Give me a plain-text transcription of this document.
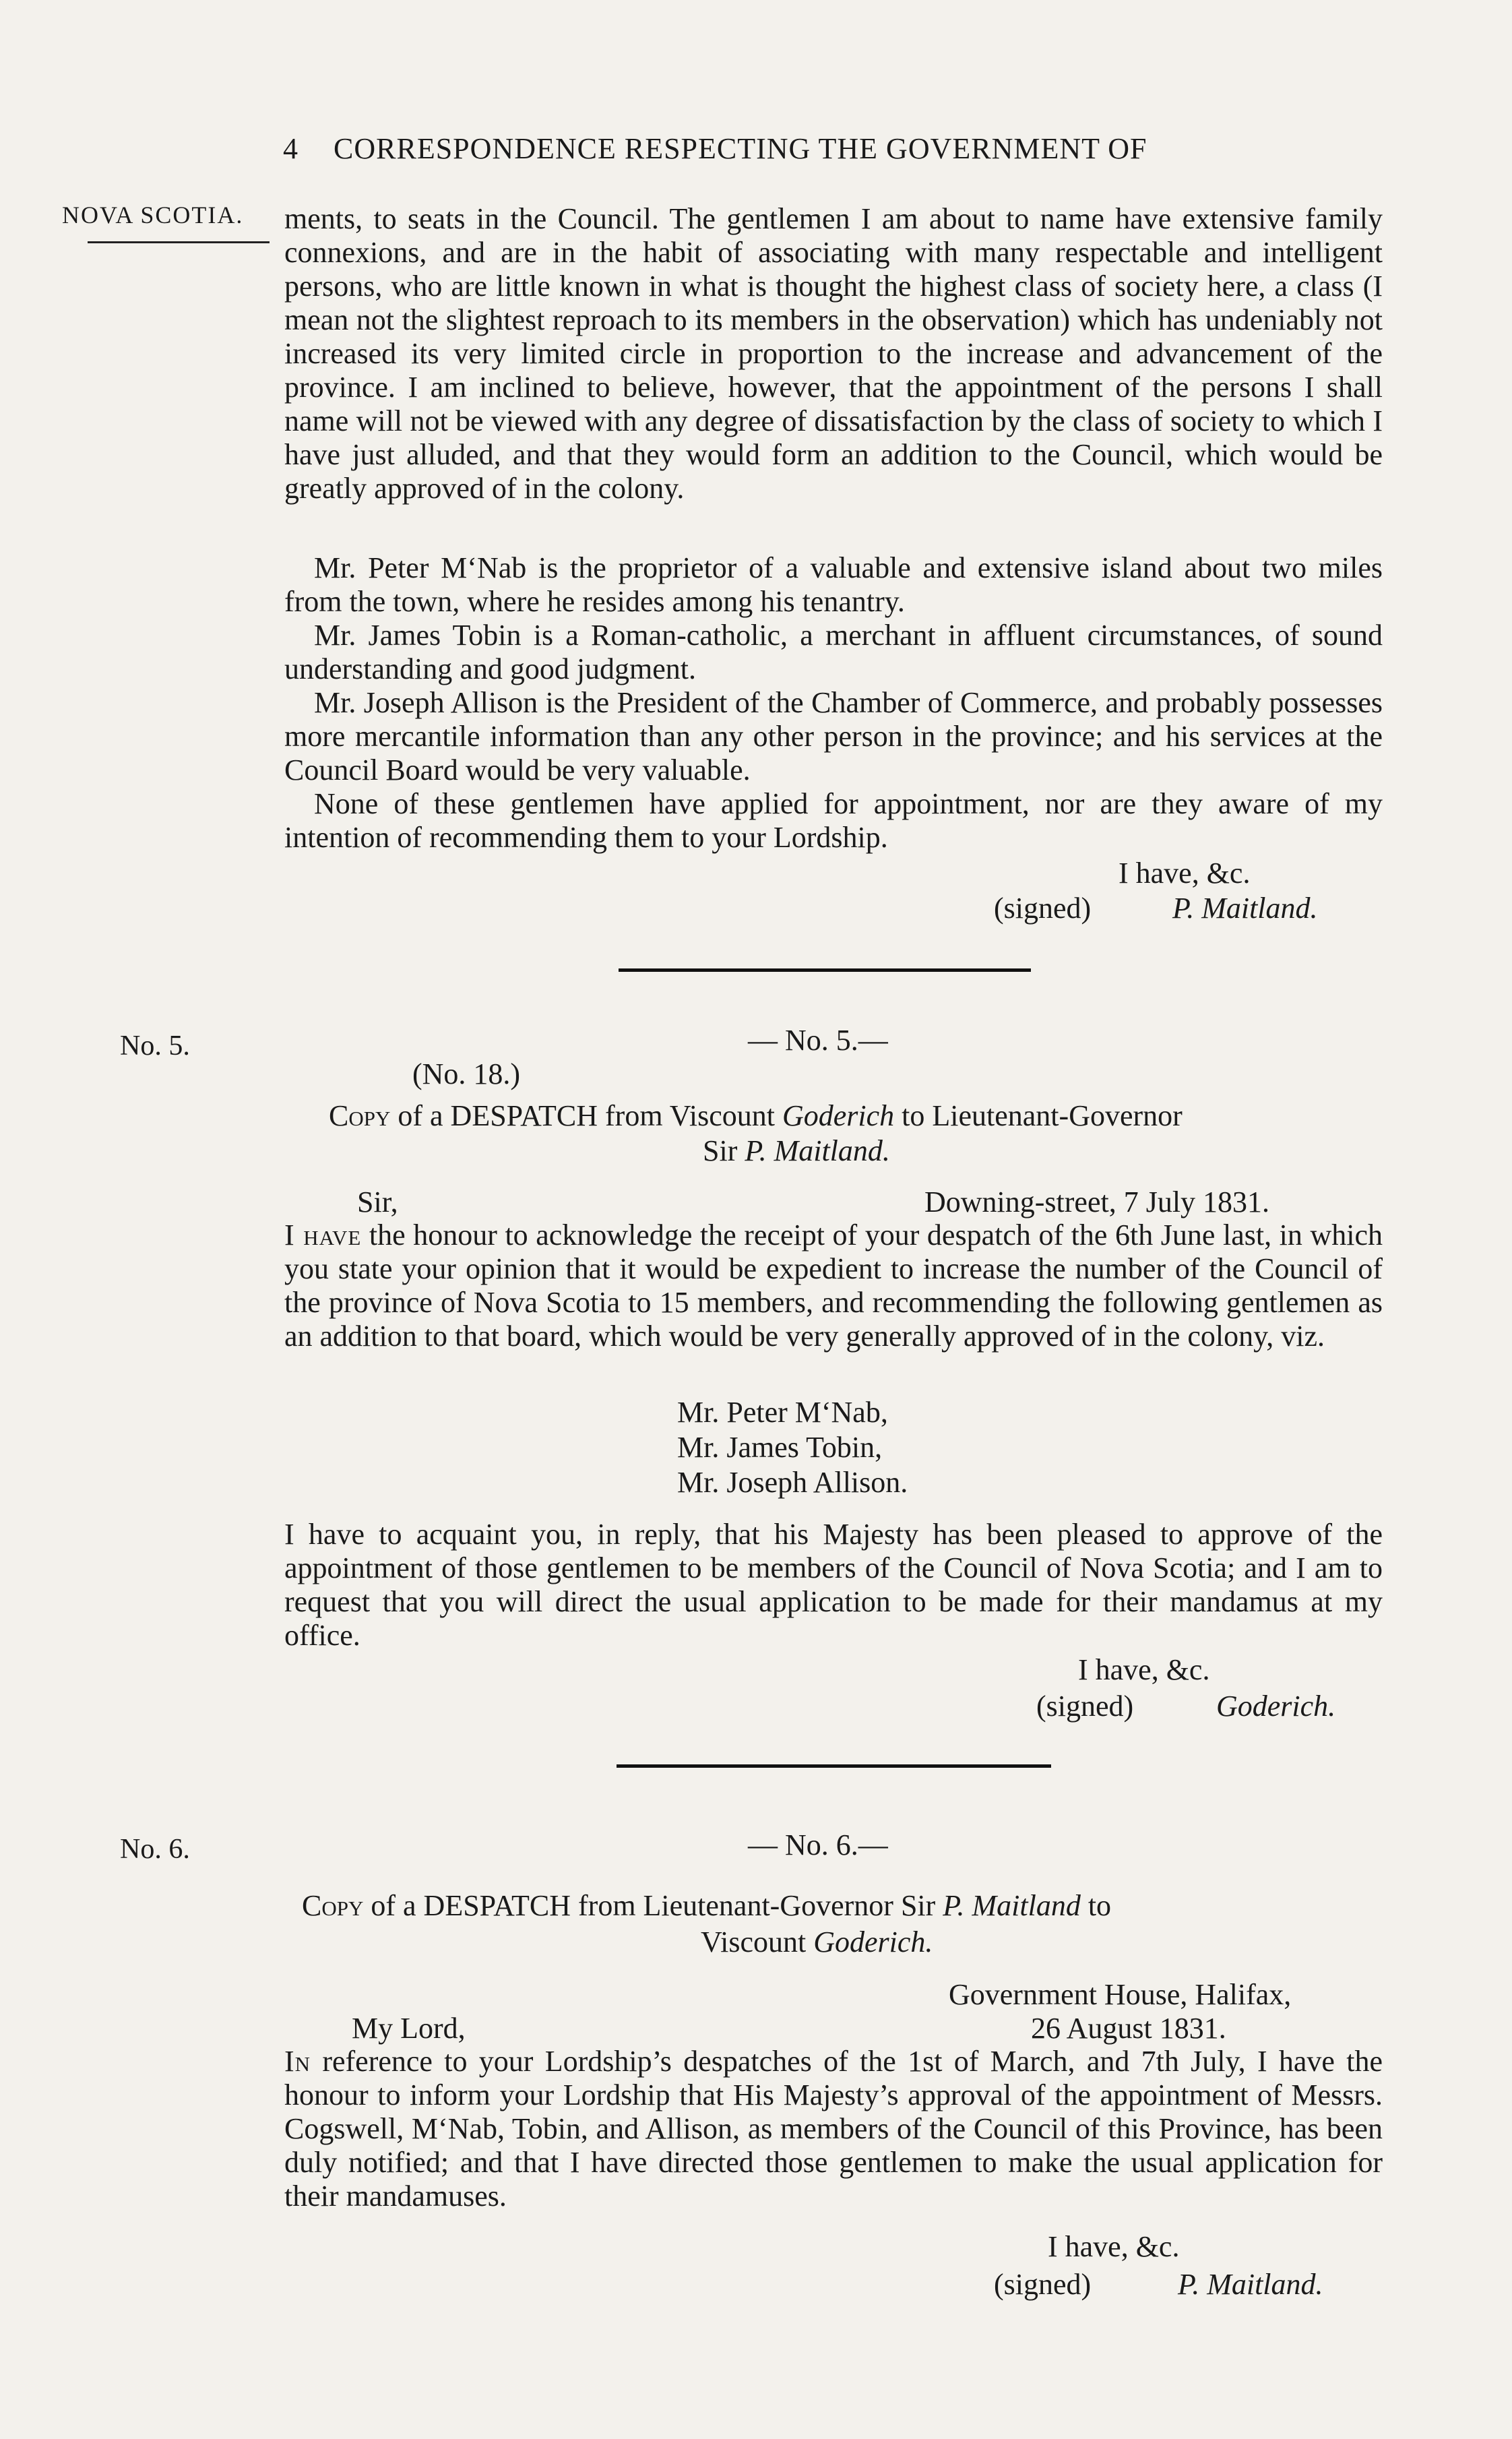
4 CORRESPONDENCE RESPECTING THE GOVERNMENT OF
NOVA SCOTIA. ments, to seats in the Council. The gentlemen I am about to name have extensive family connexions, and are in the habit of associating with many respectable and intelligent persons, who are little known in what is thought the highest class of society here, a class (I mean not the slightest reproach to its members in the observation) which has undeniably not increased its very limited circle in proportion to the increase and advancement of the province. I am inclined to believe, however, that the appointment of the persons I shall name will not be viewed with any degree of dissatisfaction by the class of society to which I have just alluded, and that they would form an addition to the Council, which would be greatly approved of in the colony.

Mr. Peter M‘Nab is the proprietor of a valuable and extensive island about two miles from the town, where he resides among his tenantry.

Mr. James Tobin is a Roman-catholic, a merchant in affluent circumstances, of sound understanding and good judgment.

Mr. Joseph Allison is the President of the Chamber of Commerce, and probably possesses more mercantile information than any other person in the province; and his services at the Council Board would be very valuable.

None of these gentlemen have applied for appointment, nor are they aware of my intention of recommending them to your Lordship.

I have, &c.
(signed)	P. Maitland.
No. 5.	— No. 5.—
(No. 18.)
Copy of a DESPATCH from Viscount Goderich to Lieutenant-Governor
Sir P. Maitland.
Sir,	Downing-street, 7 July 1831.

I have the honour to acknowledge the receipt of your despatch of the 6th June last, in which you state your opinion that it would be expedient to increase the number of the Council of the province of Nova Scotia to 15 members, and recommending the following gentlemen as an addition to that board, which would be very generally approved of in the colony, viz.

Mr. Peter M‘Nab,
Mr. James Tobin,
Mr. Joseph Allison.

I have to acquaint you, in reply, that his Majesty has been pleased to approve of the appointment of those gentlemen to be members of the Council of Nova Scotia; and I am to request that you will direct the usual application to be made for their mandamus at my office.

I have, &c.
(signed)	Goderich.
No. 6.	— No. 6.—
Copy of a DESPATCH from Lieutenant-Governor Sir P. Maitland to
Viscount Goderich.
Government House, Halifax,
My Lord,	26 August 1831.

In reference to your Lordship’s despatches of the 1st of March, and 7th July, I have the honour to inform your Lordship that His Majesty’s approval of the appointment of Messrs. Cogswell, M‘Nab, Tobin, and Allison, as members of the Council of this Province, has been duly notified; and that I have directed those gentlemen to make the usual application for their mandamuses.

I have, &c.
(signed)	P. Maitland.
